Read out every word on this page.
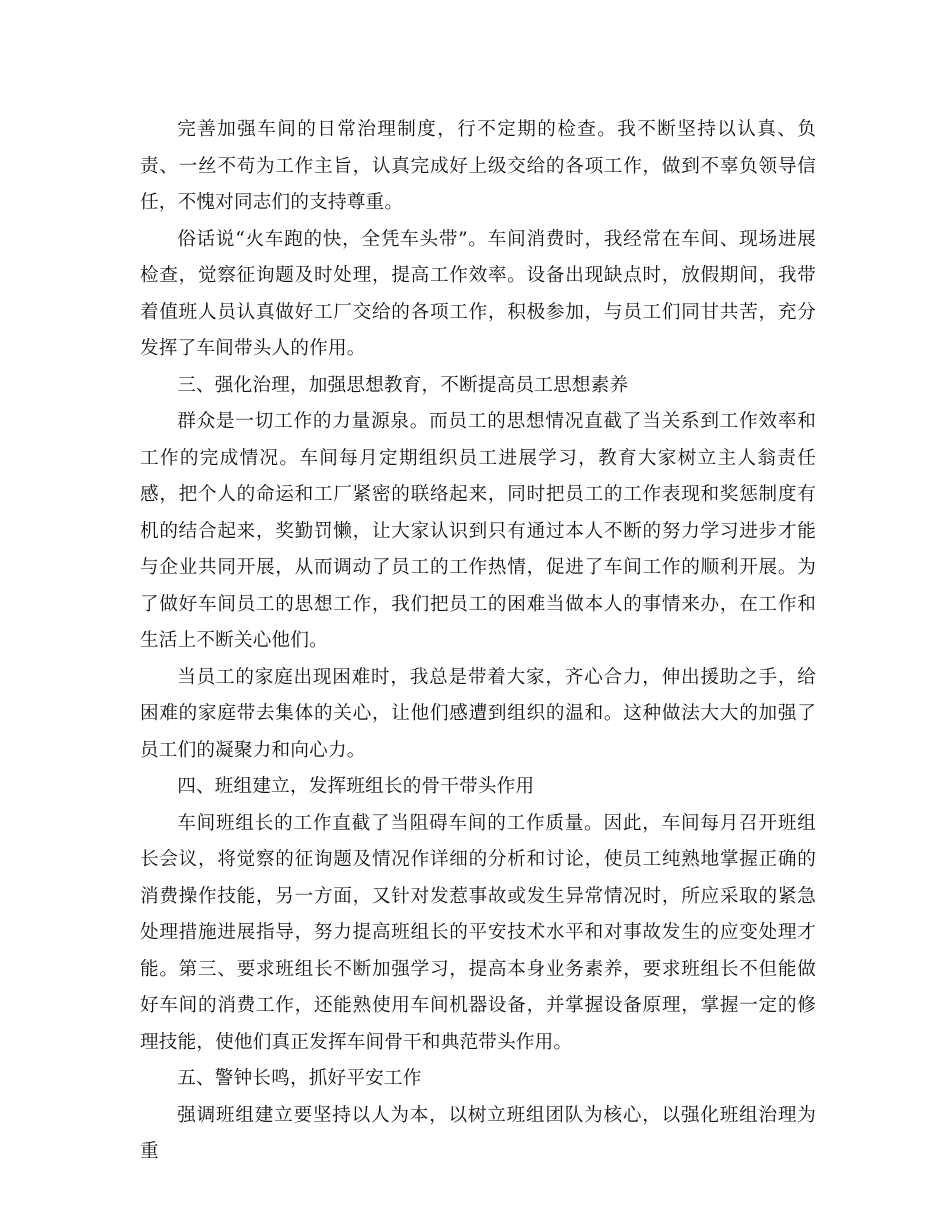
完善加强车间的日常治理制度，行不定期的检查。我不断坚持以认真、负责、一丝不苟为工作主旨，认真完成好上级交给的各项工作，做到不辜负领导信任，不愧对同志们的支持尊重。

俗话说“火车跑的快，全凭车头带”。车间消费时，我经常在车间、现场进展检查，觉察征询题及时处理，提高工作效率。设备出现缺点时，放假期间，我带着值班人员认真做好工厂交给的各项工作，积极参加，与员工们同甘共苦，充分发挥了车间带头人的作用。

三、强化治理，加强思想教育，不断提高员工思想素养

群众是一切工作的力量源泉。而员工的思想情况直截了当关系到工作效率和工作的完成情况。车间每月定期组织员工进展学习，教育大家树立主人翁责任感，把个人的命运和工厂紧密的联络起来，同时把员工的工作表现和奖惩制度有机的结合起来，奖勤罚懒，让大家认识到只有通过本人不断的努力学习进步才能与企业共同开展，从而调动了员工的工作热情，促进了车间工作的顺利开展。为了做好车间员工的思想工作，我们把员工的困难当做本人的事情来办，在工作和生活上不断关心他们。

当员工的家庭出现困难时，我总是带着大家，齐心合力，伸出援助之手，给困难的家庭带去集体的关心，让他们感遭到组织的温和。这种做法大大的加强了员工们的凝聚力和向心力。

四、班组建立，发挥班组长的骨干带头作用

车间班组长的工作直截了当阻碍车间的工作质量。因此，车间每月召开班组长会议，将觉察的征询题及情况作详细的分析和讨论，使员工纯熟地掌握正确的消费操作技能，另一方面，又针对发惹事故或发生异常情况时，所应采取的紧急处理措施进展指导，努力提高班组长的平安技术水平和对事故发生的应变处理才能。第三、要求班组长不断加强学习，提高本身业务素养，要求班组长不但能做好车间的消费工作，还能熟使用车间机器设备，并掌握设备原理，掌握一定的修理技能，使他们真正发挥车间骨干和典范带头作用。

五、警钟长鸣，抓好平安工作

强调班组建立要坚持以人为本，以树立班组团队为核心，以强化班组治理为重
